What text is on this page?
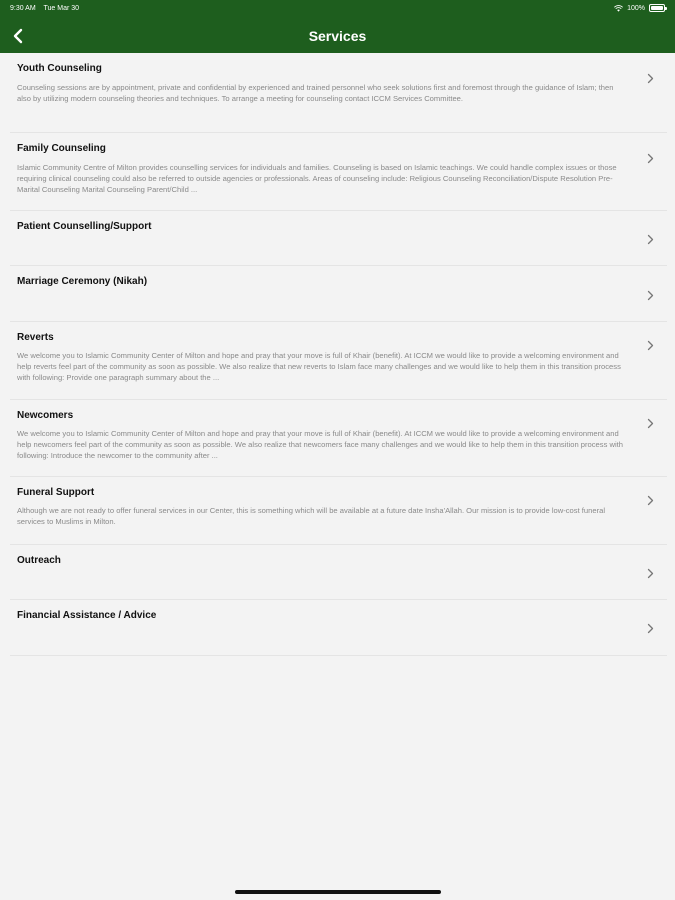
9:30 AM Tue Mar 30	100%
Services
Youth Counseling
Counseling sessions are by appointment, private and confidential by experienced and trained personnel who seek solutions first and foremost through the guidance of Islam; then also by utilizing modern counseling theories and techniques. To arrange a meeting for counseling contact ICCM Services Committee.
Family Counseling
Islamic Community Centre of Milton provides counselling services for individuals and families. Counseling is based on Islamic teachings. We could handle complex issues or those requiring clinical counseling could also be referred to outside agencies or professionals. Areas of counseling include: Religious Counseling Reconciliation/Dispute Resolution Pre-Marital Counseling Marital Counseling Parent/Child ...
Patient Counselling/Support
Marriage Ceremony (Nikah)
Reverts
We welcome you to Islamic Community Center of Milton and hope and pray that your move is full of Khair (benefit). At ICCM we would like to provide a welcoming environment and help reverts feel part of the community as soon as possible. We also realize that new reverts to Islam face many challenges and we would like to help them in this transition process with following: Provide one paragraph summary about the ...
Newcomers
We welcome you to Islamic Community Center of Milton and hope and pray that your move is full of Khair (benefit). At ICCM we would like to provide a welcoming environment and help newcomers feel part of the community as soon as possible. We also realize that newcomers face many challenges and we would like to help them in this transition process with following: Introduce the newcomer to the community after ...
Funeral Support
Although we are not ready to offer funeral services in our Center, this is something which will be available at a future date Insha'Allah. Our mission is to provide low-cost funeral services to Muslims in Milton.
Outreach
Financial Assistance / Advice
